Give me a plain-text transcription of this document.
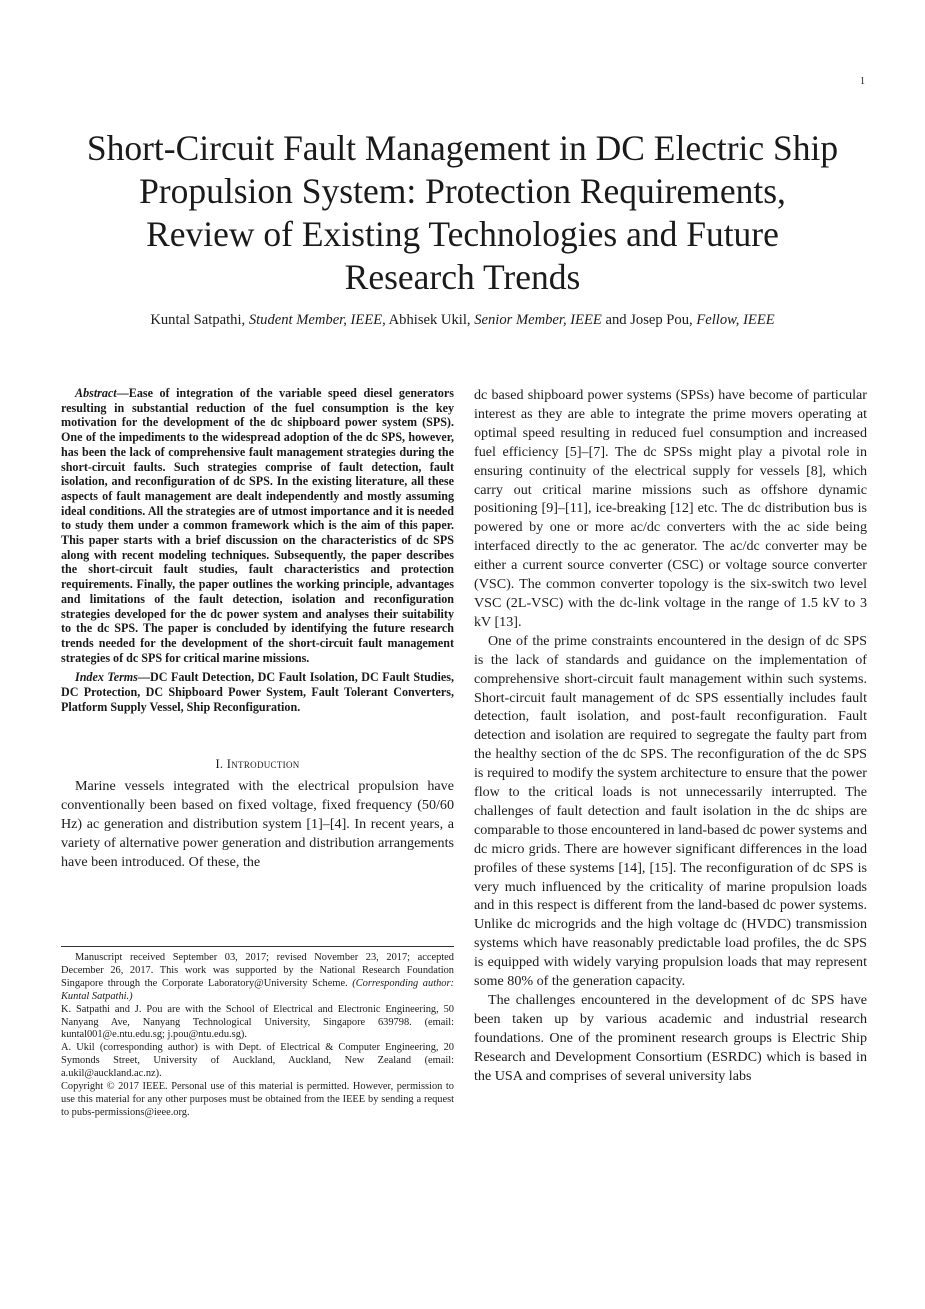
1
Short-Circuit Fault Management in DC Electric Ship
Propulsion System: Protection Requirements,
Review of Existing Technologies and Future
Research Trends
Kuntal Satpathi, Student Member, IEEE, Abhisek Ukil, Senior Member, IEEE and Josep Pou, Fellow, IEEE

Abstract—Ease of integration of the variable speed diesel generators resulting in substantial reduction of the fuel consumption is the key motivation for the development of the dc shipboard power system (SPS). One of the impediments to the widespread adoption of the dc SPS, however, has been the lack of comprehensive fault management strategies during the short-circuit faults. Such strategies comprise of fault detection, fault isolation, and reconfiguration of dc SPS. In the existing literature, all these aspects of fault management are dealt independently and mostly assuming ideal conditions. All the strategies are of utmost importance and it is needed to study them under a common framework which is the aim of this paper. This paper starts with a brief discussion on the characteristics of dc SPS along with recent modeling techniques. Subsequently, the paper describes the short-circuit fault studies, fault characteristics and protection requirements. Finally, the paper outlines the working principle, advantages and limitations of the fault detection, isolation and reconfiguration strategies developed for the dc power system and analyses their suitability to the dc SPS. The paper is concluded by identifying the future research trends needed for the development of the short-circuit fault management strategies of dc SPS for critical marine missions.

Index Terms—DC Fault Detection, DC Fault Isolation, DC Fault Studies, DC Protection, DC Shipboard Power System, Fault Tolerant Converters, Platform Supply Vessel, Ship Reconfiguration.

I. Introduction

Marine vessels integrated with the electrical propulsion have conventionally been based on fixed voltage, fixed frequency (50/60 Hz) ac generation and distribution system [1]–[4]. In recent years, a variety of alternative power generation and distribution arrangements have been introduced. Of these, the

Manuscript received September 03, 2017; revised November 23, 2017; accepted December 26, 2017. This work was supported by the National Research Foundation Singapore through the Corporate Laboratory@University Scheme. (Corresponding author: Kuntal Satpathi.)

K. Satpathi and J. Pou are with the School of Electrical and Electronic Engineering, 50 Nanyang Ave, Nanyang Technological University, Singapore 639798. (email: kuntal001@e.ntu.edu.sg; j.pou@ntu.edu.sg).

A. Ukil (corresponding author) is with Dept. of Electrical & Computer Engineering, 20 Symonds Street, University of Auckland, Auckland, New Zealand (email: a.ukil@auckland.ac.nz).

Copyright © 2017 IEEE. Personal use of this material is permitted. However, permission to use this material for any other purposes must be obtained from the IEEE by sending a request to pubs-permissions@ieee.org.

dc based shipboard power systems (SPSs) have become of particular interest as they are able to integrate the prime movers operating at optimal speed resulting in reduced fuel consumption and increased fuel efficiency [5]–[7]. The dc SPSs might play a pivotal role in ensuring continuity of the electrical supply for vessels [8], which carry out critical marine missions such as offshore dynamic positioning [9]–[11], ice-breaking [12] etc. The dc distribution bus is powered by one or more ac/dc converters with the ac side being interfaced directly to the ac generator. The ac/dc converter may be either a current source converter (CSC) or voltage source converter (VSC). The common converter topology is the six-switch two level VSC (2L-VSC) with the dc-link voltage in the range of 1.5 kV to 3 kV [13].

One of the prime constraints encountered in the design of dc SPS is the lack of standards and guidance on the implementation of comprehensive short-circuit fault management within such systems. Short-circuit fault management of dc SPS essentially includes fault detection, fault isolation, and post-fault reconfiguration. Fault detection and isolation are required to segregate the faulty part from the healthy section of the dc SPS. The reconfiguration of the dc SPS is required to modify the system architecture to ensure that the power flow to the critical loads is not unnecessarily interrupted. The challenges of fault detection and fault isolation in the dc ships are comparable to those encountered in land-based dc power systems and dc micro grids. There are however significant differences in the load profiles of these systems [14], [15]. The reconfiguration of dc SPS is very much influenced by the criticality of marine propulsion loads and in this respect is different from the land-based dc power systems. Unlike dc microgrids and the high voltage dc (HVDC) transmission systems which have reasonably predictable load profiles, the dc SPS is equipped with widely varying propulsion loads that may represent some 80% of the generation capacity.

The challenges encountered in the development of dc SPS have been taken up by various academic and industrial research foundations. One of the prominent research groups is Electric Ship Research and Development Consortium (ESRDC) which is based in the USA and comprises of several university labs
